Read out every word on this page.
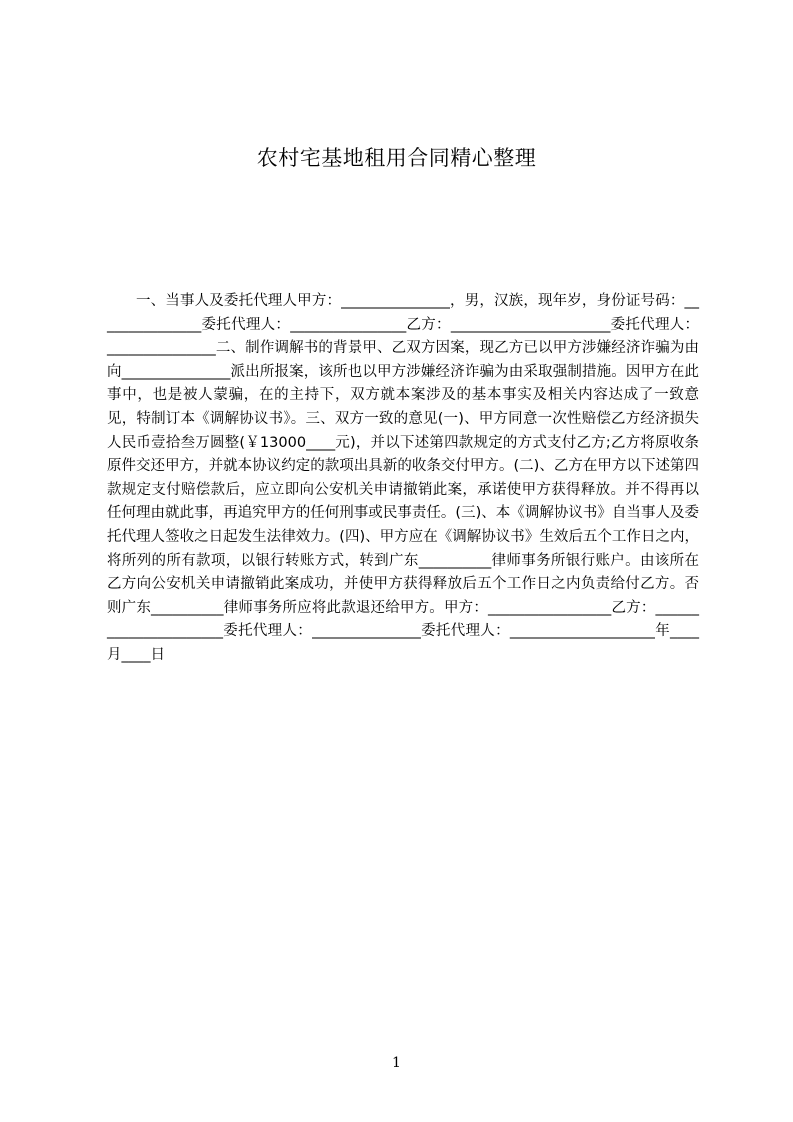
农村宅基地租用合同精心整理
一、当事人及委托代理人甲方：_______________，男，汉族，现年岁，身份证号码：_______________委托代理人：________________乙方：______________________委托代理人：_______________二、制作调解书的背景甲、乙双方因案，现乙方已以甲方涉嫌经济诈骗为由向_______________派出所报案，该所也以甲方涉嫌经济诈骗为由采取强制措施。因甲方在此事中，也是被人蒙骗，在的主持下，双方就本案涉及的基本事实及相关内容达成了一致意见，特制订本《调解协议书》。三、双方一致的意见(一)、甲方同意一次性赔偿乙方经济损失人民币壹拾叁万圆整(￥13000____元)，并以下述第四款规定的方式支付乙方;乙方将原收条原件交还甲方，并就本协议约定的款项出具新的收条交付甲方。(二)、乙方在甲方以下述第四款规定支付赔偿款后，应立即向公安机关申请撤销此案，承诺使甲方获得释放。并不得再以任何理由就此事，再追究甲方的任何刑事或民事责任。(三)、本《调解协议书》自当事人及委托代理人签收之日起发生法律效力。(四)、甲方应在《调解协议书》生效后五个工作日之内，将所列的所有款项，以银行转账方式，转到广东__________律师事务所银行账户。由该所在乙方向公安机关申请撤销此案成功，并使甲方获得释放后五个工作日之内负责给付乙方。否则广东__________律师事务所应将此款退还给甲方。甲方：_________________乙方：______________________委托代理人：_______________委托代理人：____________________年____月____日
1
